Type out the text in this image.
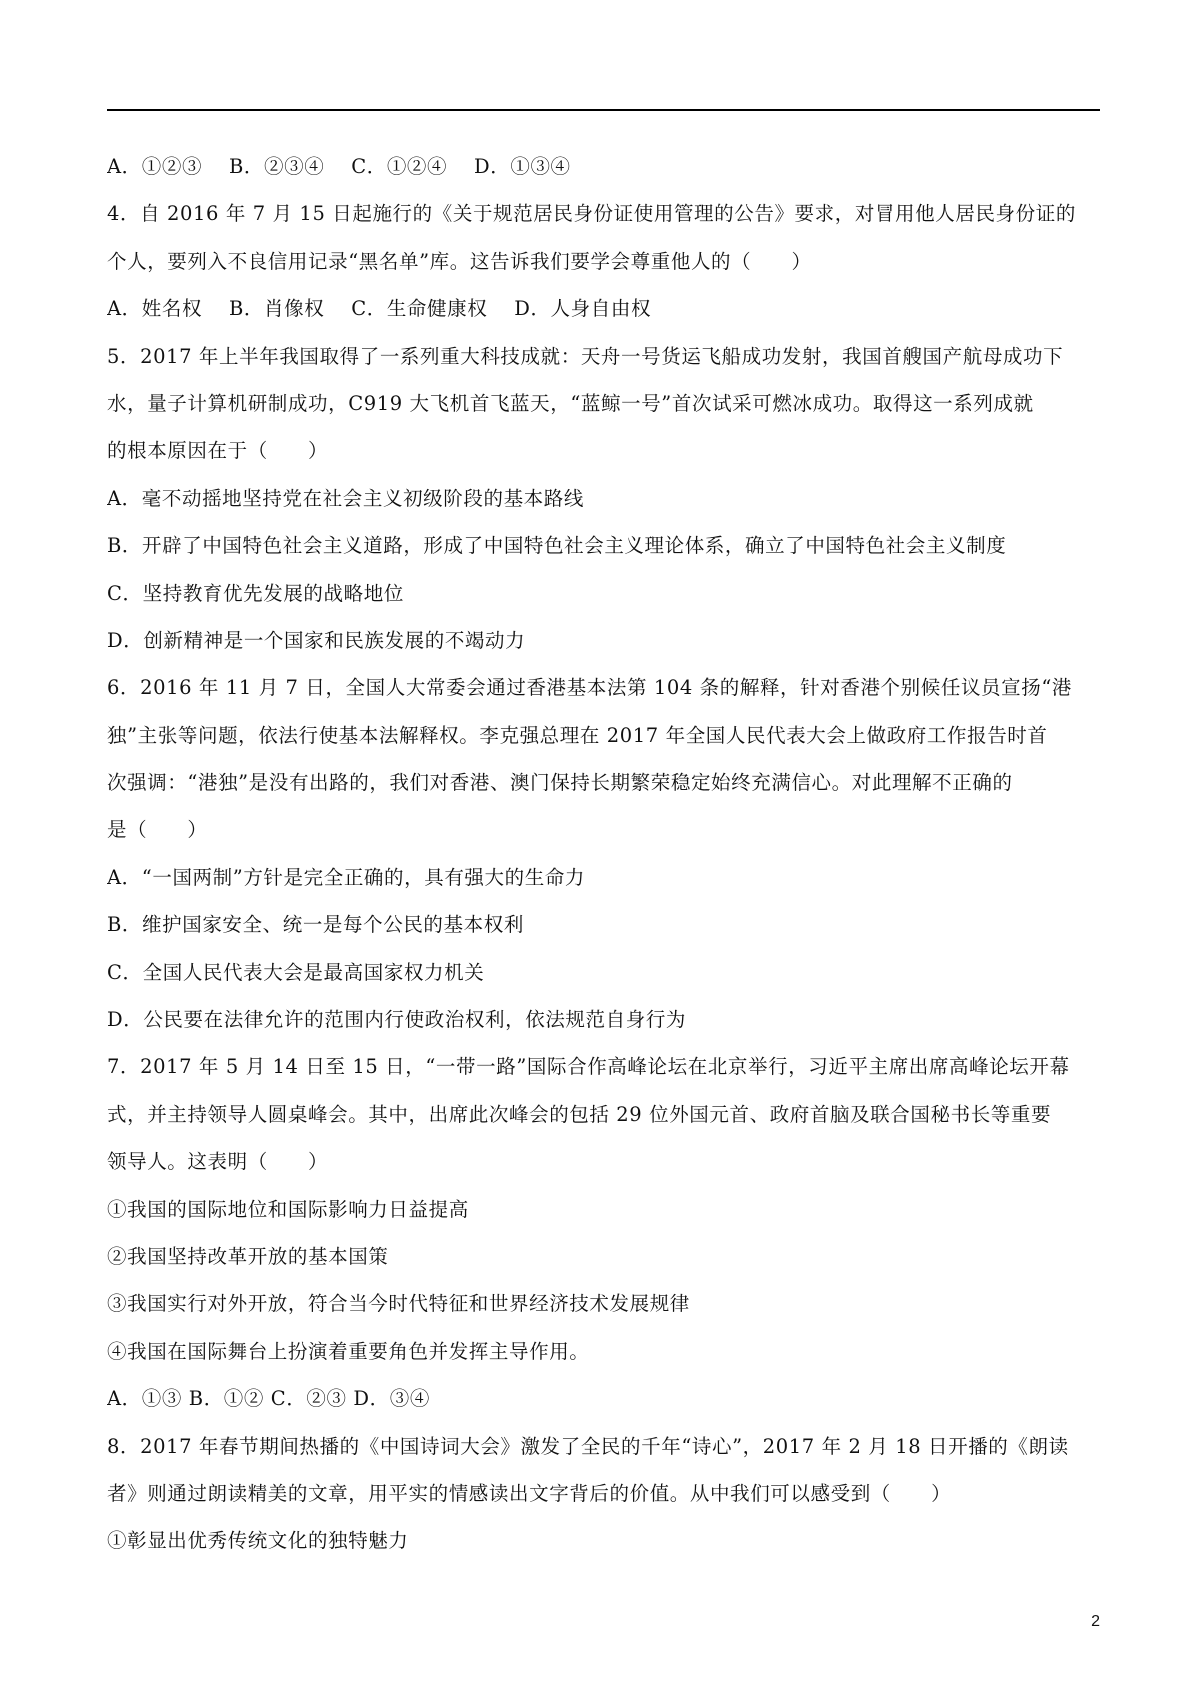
A．①②③　 B．②③④　 C．①②④　 D．①③④
4．自 2016 年 7 月 15 日起施行的《关于规范居民身份证使用管理的公告》要求，对冒用他人居民身份证的
个人，要列入不良信用记录“黑名单”库。这告诉我们要学会尊重他人的（　　）
A．姓名权　 B．肖像权　 C．生命健康权　 D．人身自由权
5．2017 年上半年我国取得了一系列重大科技成就：天舟一号货运飞船成功发射，我国首艘国产航母成功下
水，量子计算机研制成功，C919 大飞机首飞蓝天，“蓝鲸一号”首次试采可燃冰成功。取得这一系列成就
的根本原因在于（　　）
A．毫不动摇地坚持党在社会主义初级阶段的基本路线
B．开辟了中国特色社会主义道路，形成了中国特色社会主义理论体系，确立了中国特色社会主义制度
C．坚持教育优先发展的战略地位
D．创新精神是一个国家和民族发展的不竭动力
6．2016 年 11 月 7 日，全国人大常委会通过香港基本法第 104 条的解释，针对香港个别候任议员宣扬“港
独”主张等问题，依法行使基本法解释权。李克强总理在 2017 年全国人民代表大会上做政府工作报告时首
次强调：“港独”是没有出路的，我们对香港、澳门保持长期繁荣稳定始终充满信心。对此理解不正确的
是（　　）
A．“一国两制”方针是完全正确的，具有强大的生命力
B．维护国家安全、统一是每个公民的基本权利
C．全国人民代表大会是最高国家权力机关
D．公民要在法律允许的范围内行使政治权利，依法规范自身行为
7．2017 年 5 月 14 日至 15 日，“一带一路”国际合作高峰论坛在北京举行，习近平主席出席高峰论坛开幕
式，并主持领导人圆桌峰会。其中，出席此次峰会的包括 29 位外国元首、政府首脑及联合国秘书长等重要
领导人。这表明（　　）
①我国的国际地位和国际影响力日益提高
②我国坚持改革开放的基本国策
③我国实行对外开放，符合当今时代特征和世界经济技术发展规律
④我国在国际舞台上扮演着重要角色并发挥主导作用。
A．①③ B．①② C．②③ D．③④
8．2017 年春节期间热播的《中国诗词大会》激发了全民的千年“诗心”，2017 年 2 月 18 日开播的《朗读
者》则通过朗读精美的文章，用平实的情感读出文字背后的价值。从中我们可以感受到（　　）
①彰显出优秀传统文化的独特魅力
2
